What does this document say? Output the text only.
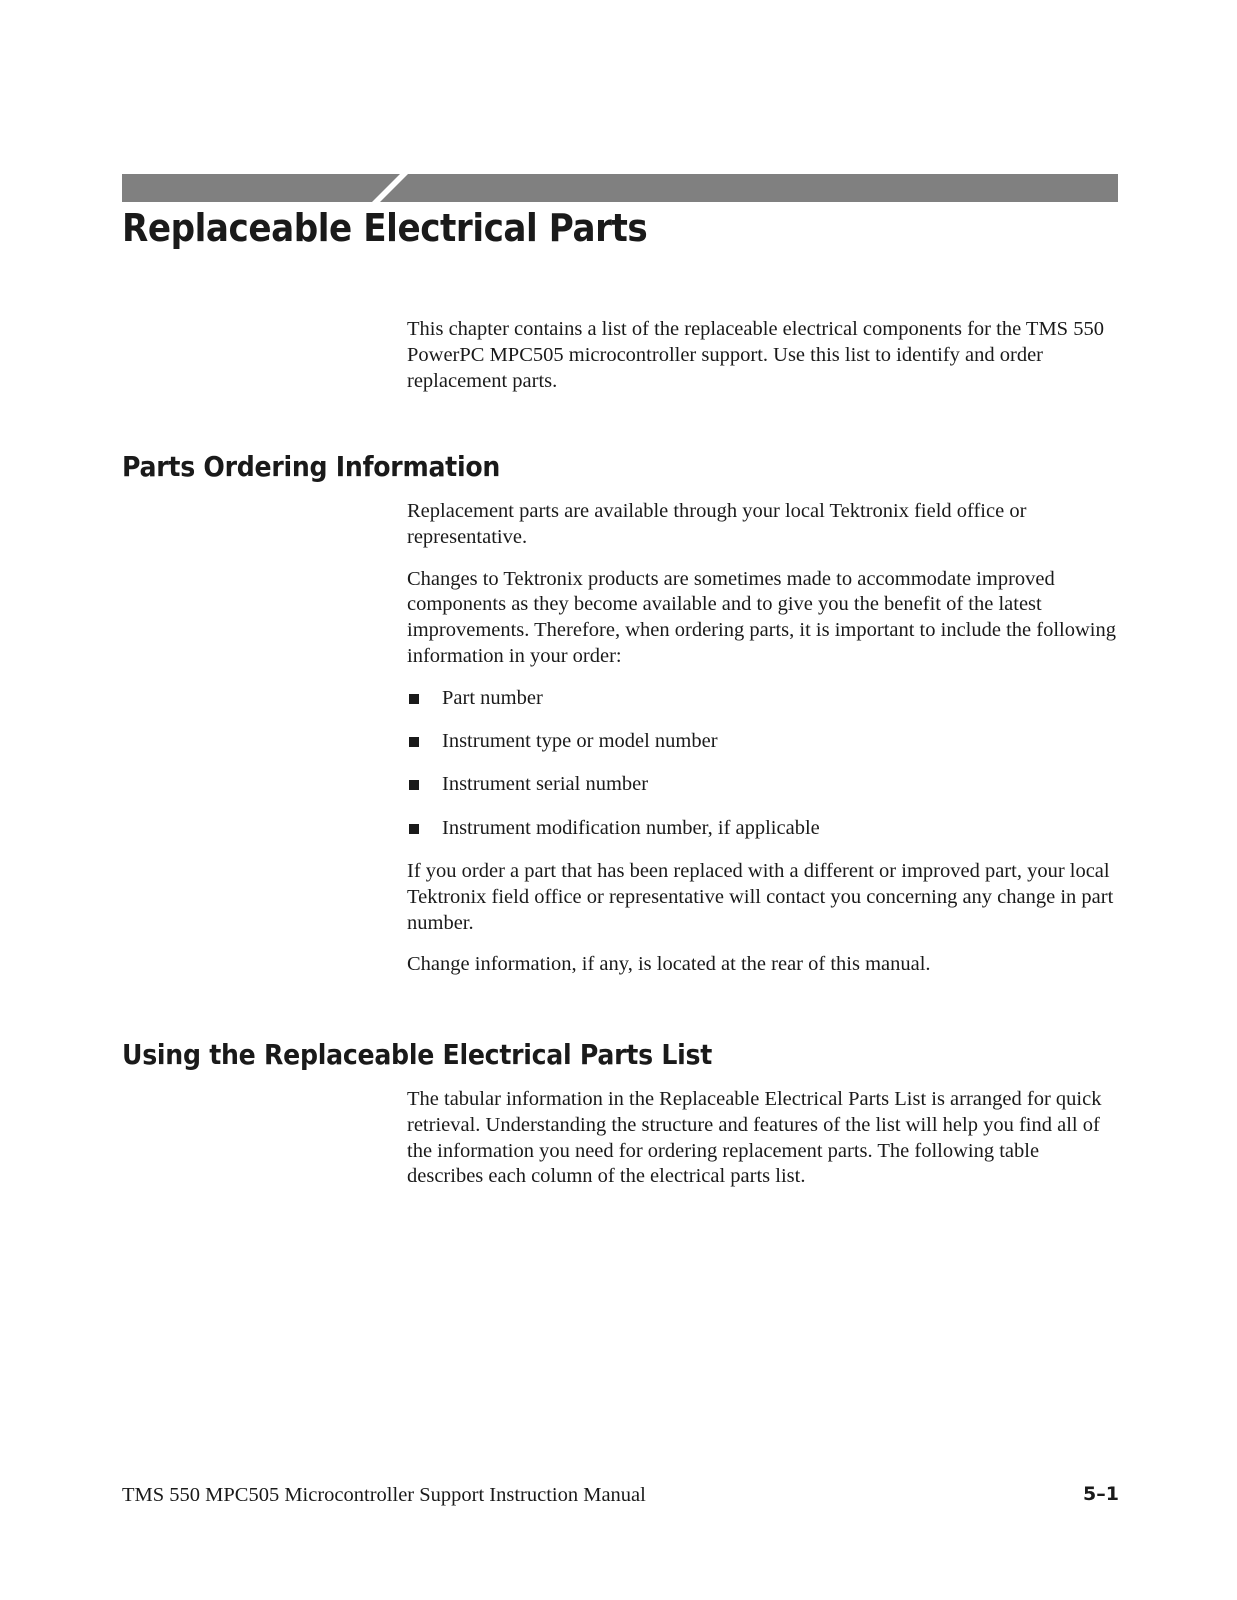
Replaceable Electrical Parts

This chapter contains a list of the replaceable electrical components for the TMS 550 PowerPC MPC505 microcontroller support. Use this list to identify and order replacement parts.

Parts Ordering Information

Replacement parts are available through your local Tektronix field office or representative.

Changes to Tektronix products are sometimes made to accommodate improved components as they become available and to give you the benefit of the latest improvements. Therefore, when ordering parts, it is important to include the following information in your order:

Part number
Instrument type or model number
Instrument serial number
Instrument modification number, if applicable

If you order a part that has been replaced with a different or improved part, your local Tektronix field office or representative will contact you concerning any change in part number.

Change information, if any, is located at the rear of this manual.

Using the Replaceable Electrical Parts List

The tabular information in the Replaceable Electrical Parts List is arranged for quick retrieval. Understanding the structure and features of the list will help you find all of the information you need for ordering replacement parts. The following table describes each column of the electrical parts list.

TMS 550 MPC505 Microcontroller Support Instruction Manual	5–1
